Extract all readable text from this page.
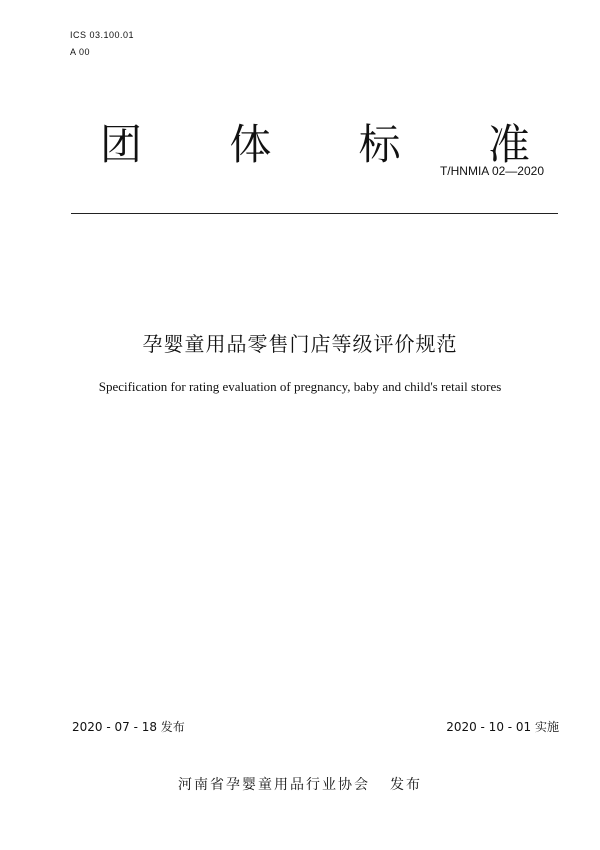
ICS 03.100.01
A 00
团 体 标 准
T/HNMIA 02—2020
孕婴童用品零售门店等级评价规范
Specification for rating evaluation of pregnancy, baby and child's retail stores
2020 - 07 - 18 发布	2020 - 10 - 01 实施
河南省孕婴童用品行业协会 发布
